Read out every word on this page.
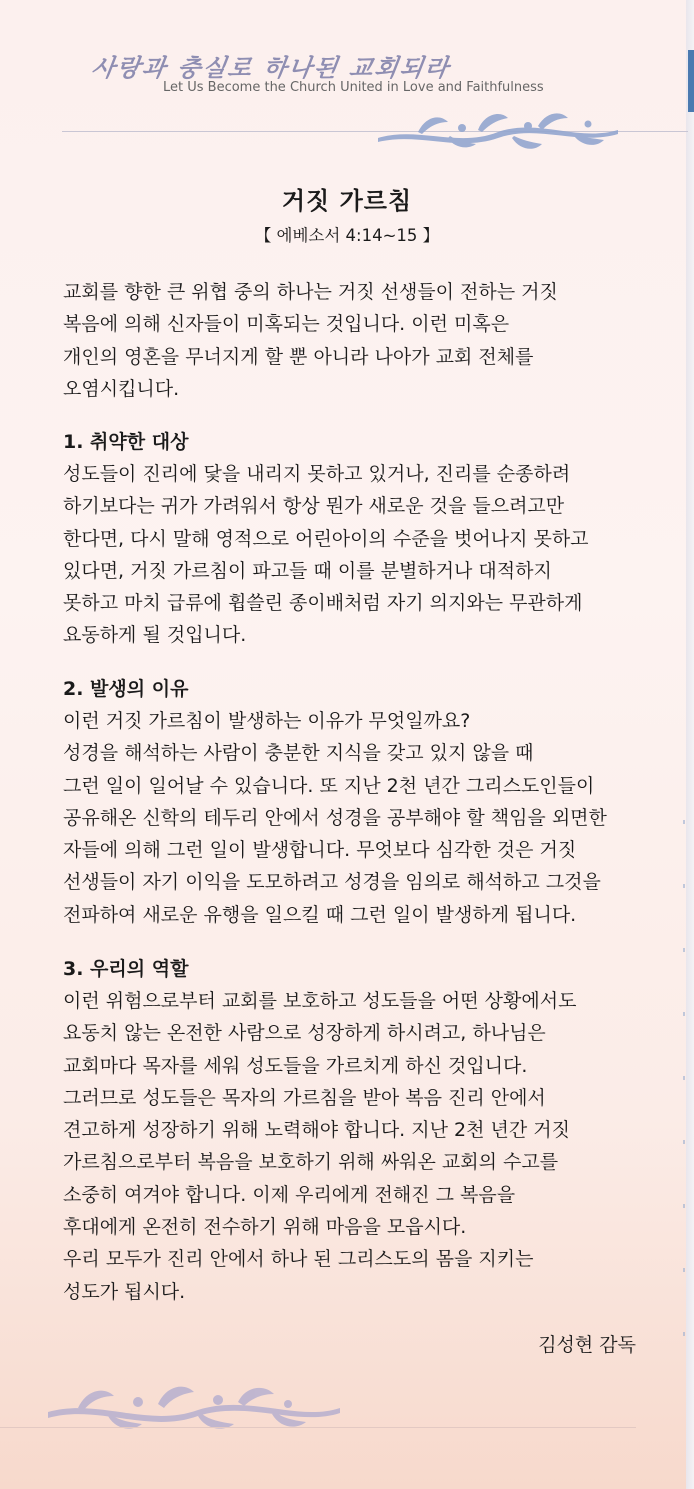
사랑과 충실로 하나된 교회되라

Let Us Become the Church United in Love and Faithfulness

거짓 가르침

【 에베소서 4:14∼15 】

교회를 향한 큰 위협 중의 하나는 거짓 선생들이 전하는 거짓
복음에 의해 신자들이 미혹되는 것입니다. 이런 미혹은
개인의 영혼을 무너지게 할 뿐 아니라 나아가 교회 전체를
오염시킵니다.

1. 취약한 대상

성도들이 진리에 닻을 내리지 못하고 있거나, 진리를 순종하려
하기보다는 귀가 가려워서 항상 뭔가 새로운 것을 들으려고만
한다면, 다시 말해 영적으로 어린아이의 수준을 벗어나지 못하고
있다면, 거짓 가르침이 파고들 때 이를 분별하거나 대적하지
못하고 마치 급류에 휩쓸린 종이배처럼 자기 의지와는 무관하게
요동하게 될 것입니다.

2. 발생의 이유

이런 거짓 가르침이 발생하는 이유가 무엇일까요?
성경을 해석하는 사람이 충분한 지식을 갖고 있지 않을 때
그런 일이 일어날 수 있습니다. 또 지난 2천 년간 그리스도인들이
공유해온 신학의 테두리 안에서 성경을 공부해야 할 책임을 외면한
자들에 의해 그런 일이 발생합니다. 무엇보다 심각한 것은 거짓
선생들이 자기 이익을 도모하려고 성경을 임의로 해석하고 그것을
전파하여 새로운 유행을 일으킬 때 그런 일이 발생하게 됩니다.

3. 우리의 역할

이런 위험으로부터 교회를 보호하고 성도들을 어떤 상황에서도
요동치 않는 온전한 사람으로 성장하게 하시려고, 하나님은
교회마다 목자를 세워 성도들을 가르치게 하신 것입니다.
그러므로 성도들은 목자의 가르침을 받아 복음 진리 안에서
견고하게 성장하기 위해 노력해야 합니다. 지난 2천 년간 거짓
가르침으로부터 복음을 보호하기 위해 싸워온 교회의 수고를
소중히 여겨야 합니다. 이제 우리에게 전해진 그 복음을
후대에게 온전히 전수하기 위해 마음을 모읍시다.
우리 모두가 진리 안에서 하나 된 그리스도의 몸을 지키는
성도가 됩시다.

김성현 감독
